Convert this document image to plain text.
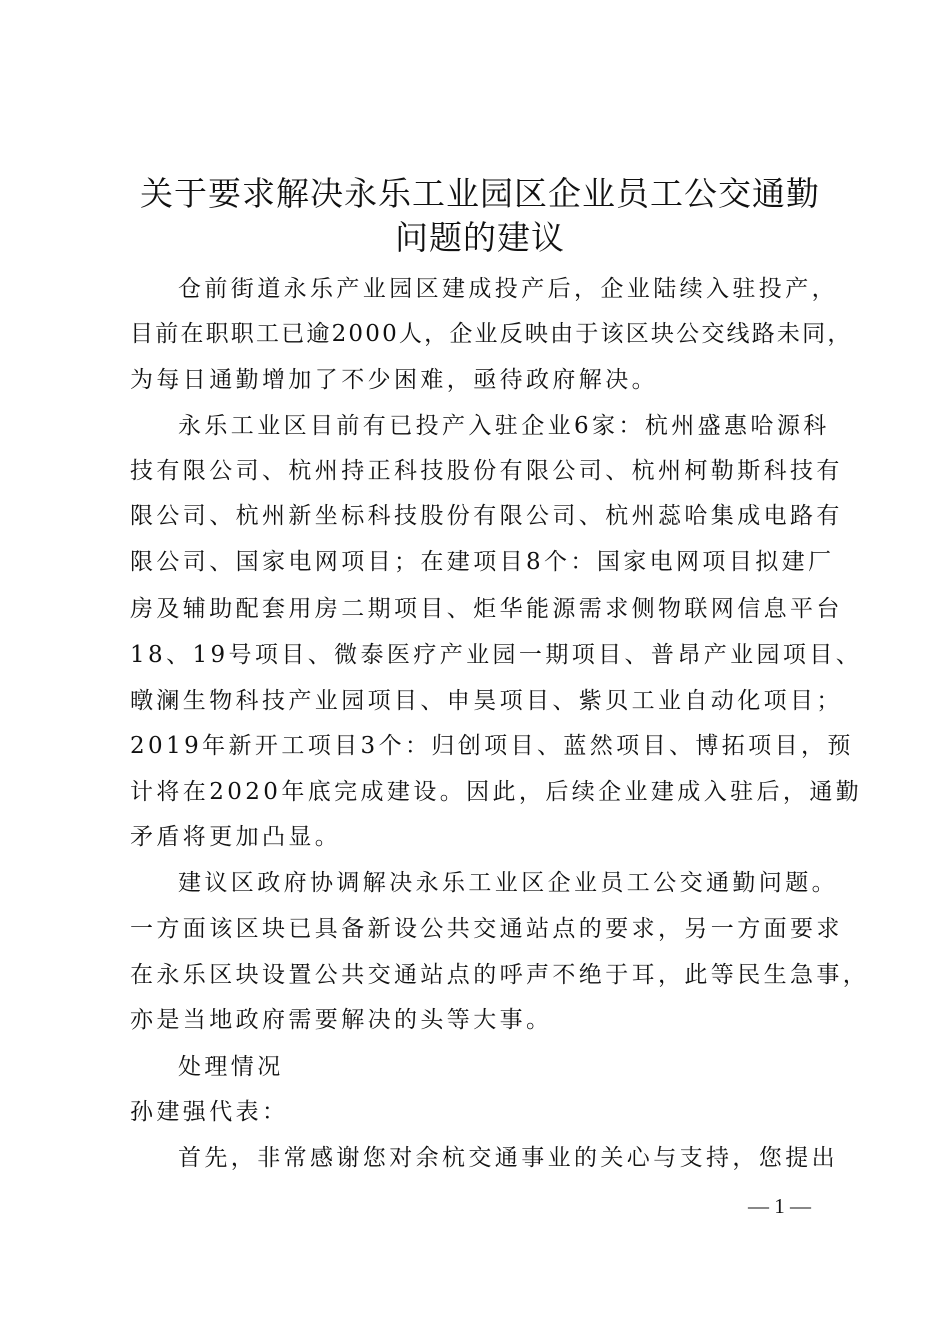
关于要求解决永乐工业园区企业员工公交通勤
问题的建议
仓前街道永乐产业园区建成投产后，企业陆续入驻投产，
目前在职职工已逾2000人，企业反映由于该区块公交线路未同，
为每日通勤增加了不少困难，亟待政府解决。
永乐工业区目前有已投产入驻企业6家：杭州盛惠哈源科
技有限公司、杭州持正科技股份有限公司、杭州柯勒斯科技有
限公司、杭州新坐标科技股份有限公司、杭州蕊哈集成电路有
限公司、国家电网项目；在建项目8个：国家电网项目拟建厂
房及辅助配套用房二期项目、炬华能源需求侧物联网信息平台
18、19号项目、微泰医疗产业园一期项目、普昂产业园项目、
暾澜生物科技产业园项目、申昊项目、紫贝工业自动化项目；
2019年新开工项目3个：归创项目、蓝然项目、博拓项目，预
计将在2020年底完成建设。因此，后续企业建成入驻后，通勤
矛盾将更加凸显。
建议区政府协调解决永乐工业区企业员工公交通勤问题。
一方面该区块已具备新设公共交通站点的要求，另一方面要求
在永乐区块设置公共交通站点的呼声不绝于耳，此等民生急事，
亦是当地政府需要解决的头等大事。
处理情况
孙建强代表：
首先，非常感谢您对余杭交通事业的关心与支持，您提出
— 1 —
